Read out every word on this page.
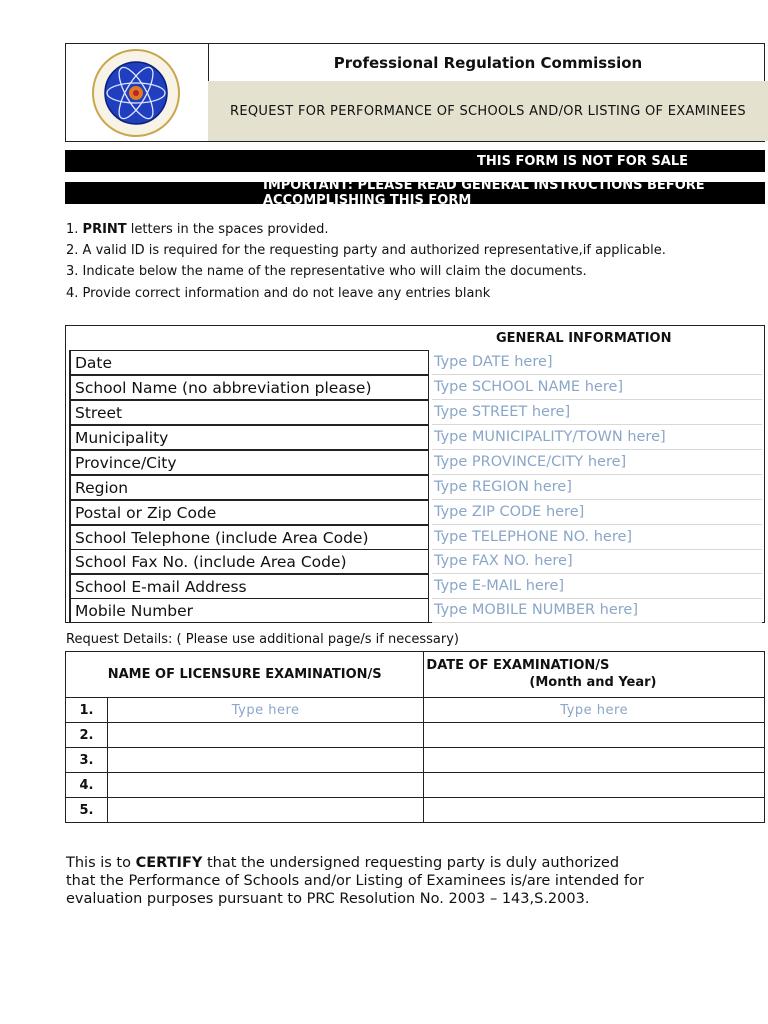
Professional Regulation Commission
REQUEST FOR PERFORMANCE OF SCHOOLS AND/OR LISTING OF EXAMINEES
THIS FORM IS NOT FOR SALE
IMPORTANT: PLEASE READ GENERAL INSTRUCTIONS BEFORE ACCOMPLISHING THIS FORM
1. PRINT letters in the spaces provided.
2. A valid ID is required for the requesting party and authorized representative,if applicable.
3. Indicate below the name of the representative who will claim the documents.
4. Provide correct information and do not leave any entries blank
GENERAL INFORMATION
Date	Type DATE here]
School Name (no abbreviation please)	Type SCHOOL NAME here]
Street	Type STREET here]
Municipality	Type MUNICIPALITY/TOWN here]
Province/City	Type PROVINCE/CITY here]
Region	Type REGION here]
Postal or Zip Code	Type ZIP CODE here]
School Telephone (include Area Code)	Type TELEPHONE NO. here]
School Fax No. (include Area Code)	Type FAX NO. here]
School E-mail Address	Type E-MAIL here]
Mobile Number	Type MOBILE NUMBER here]
Request Details: ( Please use additional page/s if necessary)
NAME OF LICENSURE EXAMINATION/S		DATE OF EXAMINATION/S
(Month and Year)

1.	Type here	Type here
2.		
3.		
4.		
5.		
This is to CERTIFY that the undersigned requesting party is duly authorized
that the Performance of Schools and/or Listing of Examinees is/are intended for
evaluation purposes pursuant to PRC Resolution No. 2003 – 143,S.2003.
